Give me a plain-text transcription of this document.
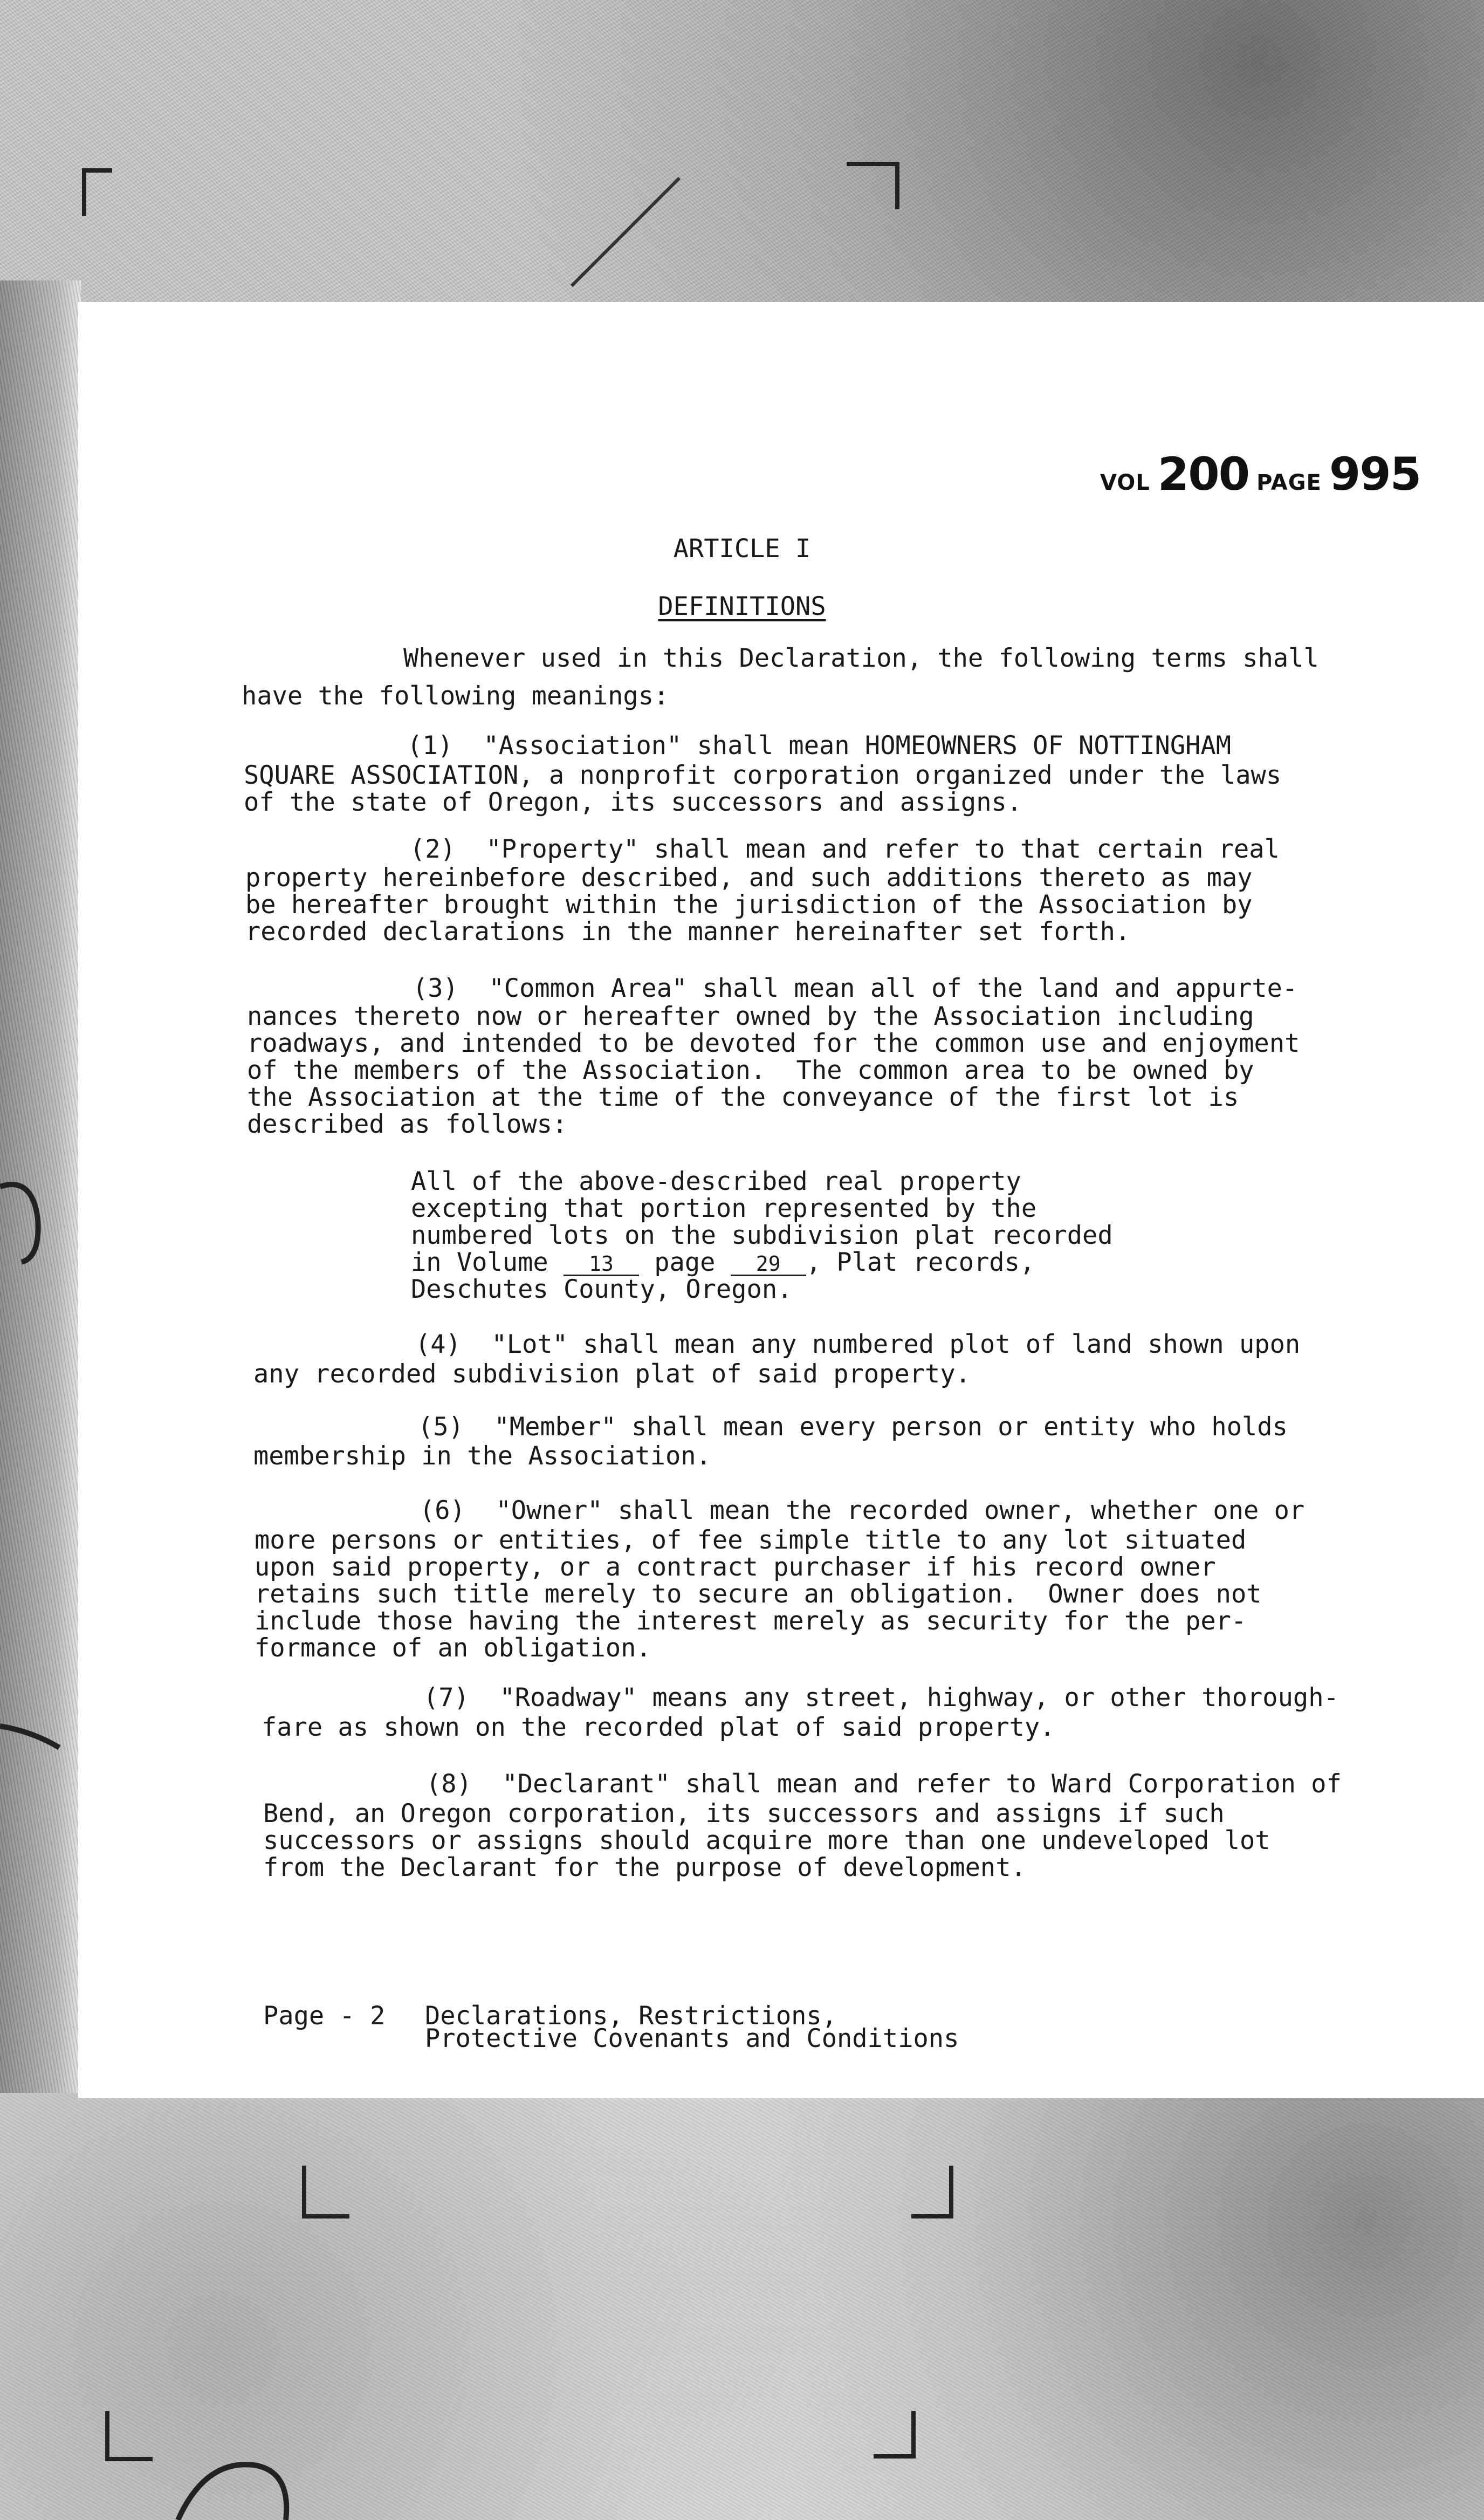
VOL 200 PAGE 995
ARTICLE I
DEFINITIONS
Whenever used in this Declaration, the following terms shall
have the following meanings:
(1)  "Association" shall mean HOMEOWNERS OF NOTTINGHAM
SQUARE ASSOCIATION, a nonprofit corporation organized under the laws
of the state of Oregon, its successors and assigns.
(2)  "Property" shall mean and refer to that certain real
property hereinbefore described, and such additions thereto as may
be hereafter brought within the jurisdiction of the Association by
recorded declarations in the manner hereinafter set forth.
(3)  "Common Area" shall mean all of the land and appurte-
nances thereto now or hereafter owned by the Association including
roadways, and intended to be devoted for the common use and enjoyment
of the members of the Association.  The common area to be owned by
the Association at the time of the conveyance of the first lot is
described as follows:
All of the above-described real property
excepting that portion represented by the
numbered lots on the subdivision plat recorded
in Volume 13 page 29 , Plat records,
Deschutes County, Oregon.
(4)  "Lot" shall mean any numbered plot of land shown upon
any recorded subdivision plat of said property.
(5)  "Member" shall mean every person or entity who holds
membership in the Association.
(6)  "Owner" shall mean the recorded owner, whether one or
more persons or entities, of fee simple title to any lot situated
upon said property, or a contract purchaser if his record owner
retains such title merely to secure an obligation.  Owner does not
include those having the interest merely as security for the per-
formance of an obligation.
(7)  "Roadway" means any street, highway, or other thorough-
fare as shown on the recorded plat of said property.
(8)  "Declarant" shall mean and refer to Ward Corporation of
Bend, an Oregon corporation, its successors and assigns if such
successors or assigns should acquire more than one undeveloped lot
from the Declarant for the purpose of development.
Page - 2 Declarations, Restrictions,
Protective Covenants and Conditions
